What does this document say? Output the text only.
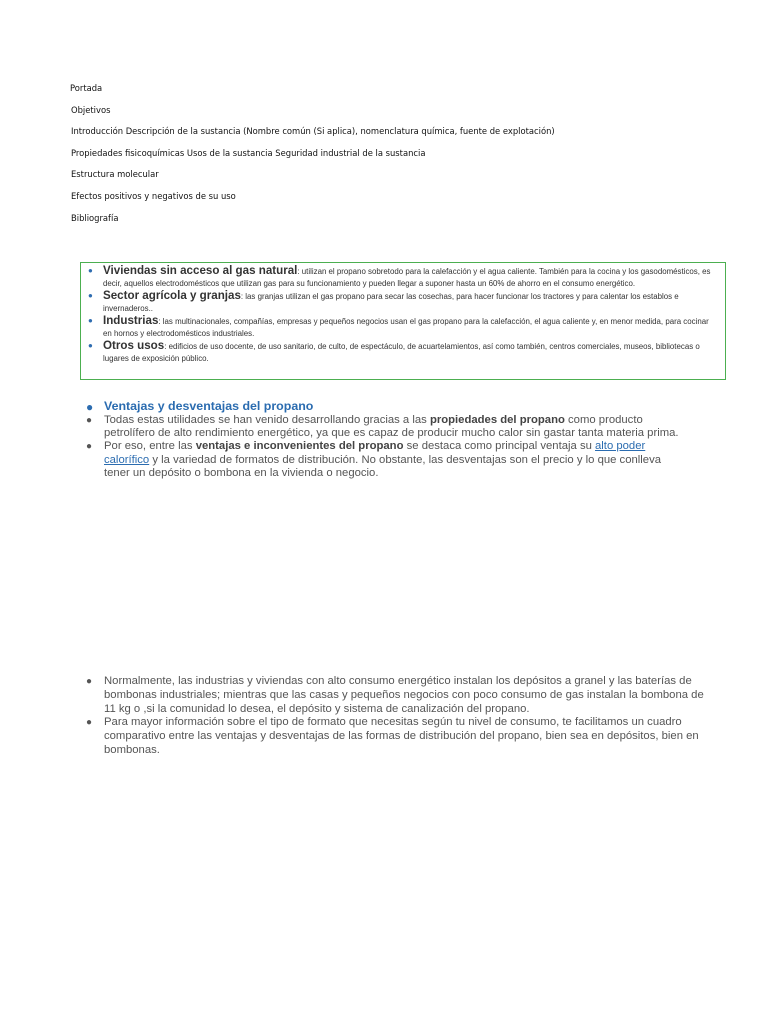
Portada
Objetivos
Introducción Descripción de la sustancia (Nombre común (Si aplica), nomenclatura química, fuente de explotación)
Propiedades fisicoquímicas Usos de la sustancia Seguridad industrial de la sustancia
Estructura molecular
Efectos positivos y negativos de su uso
Bibliografía
● Viviendas sin acceso al gas natural: utilizan el propano sobretodo para la calefacción y el agua caliente. También para la cocina y los gasodomésticos, es decir, aquellos electrodomésticos que utilizan gas para su funcionamiento y pueden llegar a suponer hasta un 60% de ahorro en el consumo energético.
● Sector agrícola y granjas: las granjas utilizan el gas propano para secar las cosechas, para hacer funcionar los tractores y para calentar los establos e invernaderos..
● Industrias: las multinacionales, compañías, empresas y pequeños negocios usan el gas propano para la calefacción, el agua caliente y, en menor medida, para cocinar en hornos y electrodomésticos industriales.
● Otros usos: edificios de uso docente, de uso sanitario, de culto, de espectáculo, de acuartelamientos, así como también, centros comerciales, museos, bibliotecas o lugares de exposición público.
● Ventajas y desventajas del propano
● Todas estas utilidades se han venido desarrollando gracias a las propiedades del propano como producto petrolífero de alto rendimiento energético, ya que es capaz de producir mucho calor sin gastar tanta materia prima.
● Por eso, entre las ventajas e inconvenientes del propano se destaca como principal ventaja su alto poder calorífico y la variedad de formatos de distribución. No obstante, las desventajas son el precio y lo que conlleva tener un depósito o bombona en la vivienda o negocio.
● Normalmente, las industrias y viviendas con alto consumo energético instalan los depósitos a granel y las baterías de bombonas industriales; mientras que las casas y pequeños negocios con poco consumo de gas instalan la bombona de 11 kg o ,si la comunidad lo desea, el depósito y sistema de canalización del propano.
● Para mayor información sobre el tipo de formato que necesitas según tu nivel de consumo, te facilitamos un cuadro comparativo entre las ventajas y desventajas de las formas de distribución del propano, bien sea en depósitos, bien en bombonas.
